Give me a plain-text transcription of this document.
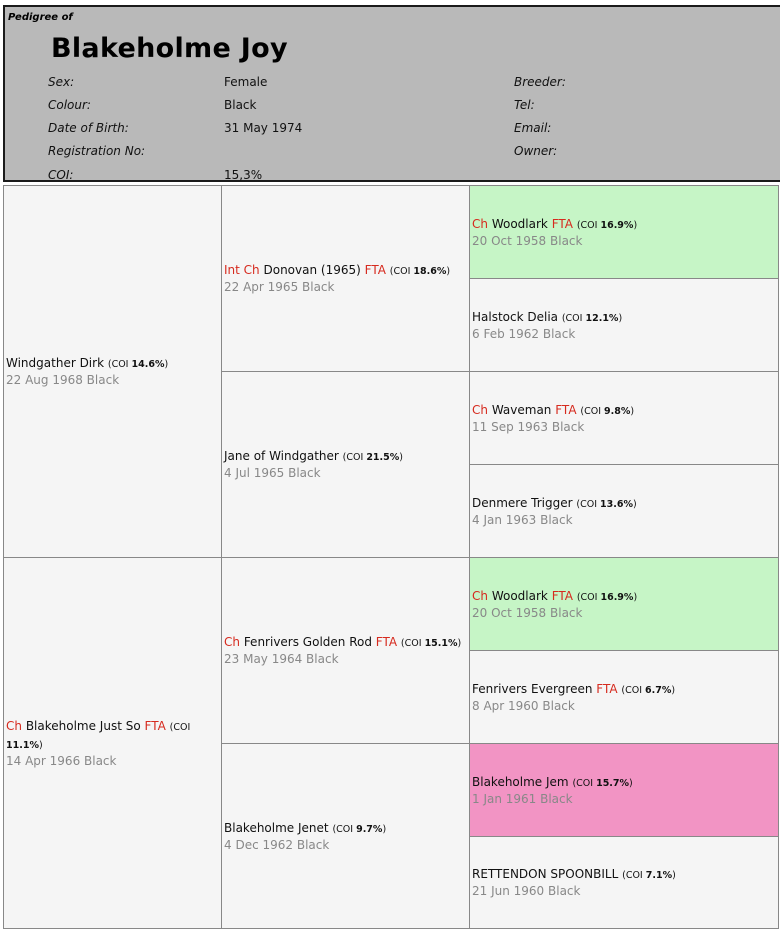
Pedigree of
Blakeholme Joy
Sex:
Colour:
Date of Birth:
Registration No:
COI:
Female
Black
31 May 1974
15,3%
Breeder:
Tel:
Email:
Owner:
Windgather Dirk (COI 14.6%)
22 Aug 1968 Black
Ch Blakeholme Just So FTA (COI 11.1%)
14 Apr 1966 Black
Int Ch Donovan (1965) FTA (COI 18.6%)
22 Apr 1965 Black
Jane of Windgather (COI 21.5%)
4 Jul 1965 Black
Ch Fenrivers Golden Rod FTA (COI 15.1%)
23 May 1964 Black
Blakeholme Jenet (COI 9.7%)
4 Dec 1962 Black
Ch Woodlark FTA (COI 16.9%)
20 Oct 1958 Black
Halstock Delia (COI 12.1%)
6 Feb 1962 Black
Ch Waveman FTA (COI 9.8%)
11 Sep 1963 Black
Denmere Trigger (COI 13.6%)
4 Jan 1963 Black
Ch Woodlark FTA (COI 16.9%)
20 Oct 1958 Black
Fenrivers Evergreen FTA (COI 6.7%)
8 Apr 1960 Black
Blakeholme Jem (COI 15.7%)
1 Jan 1961 Black
RETTENDON SPOONBILL (COI 7.1%)
21 Jun 1960 Black
